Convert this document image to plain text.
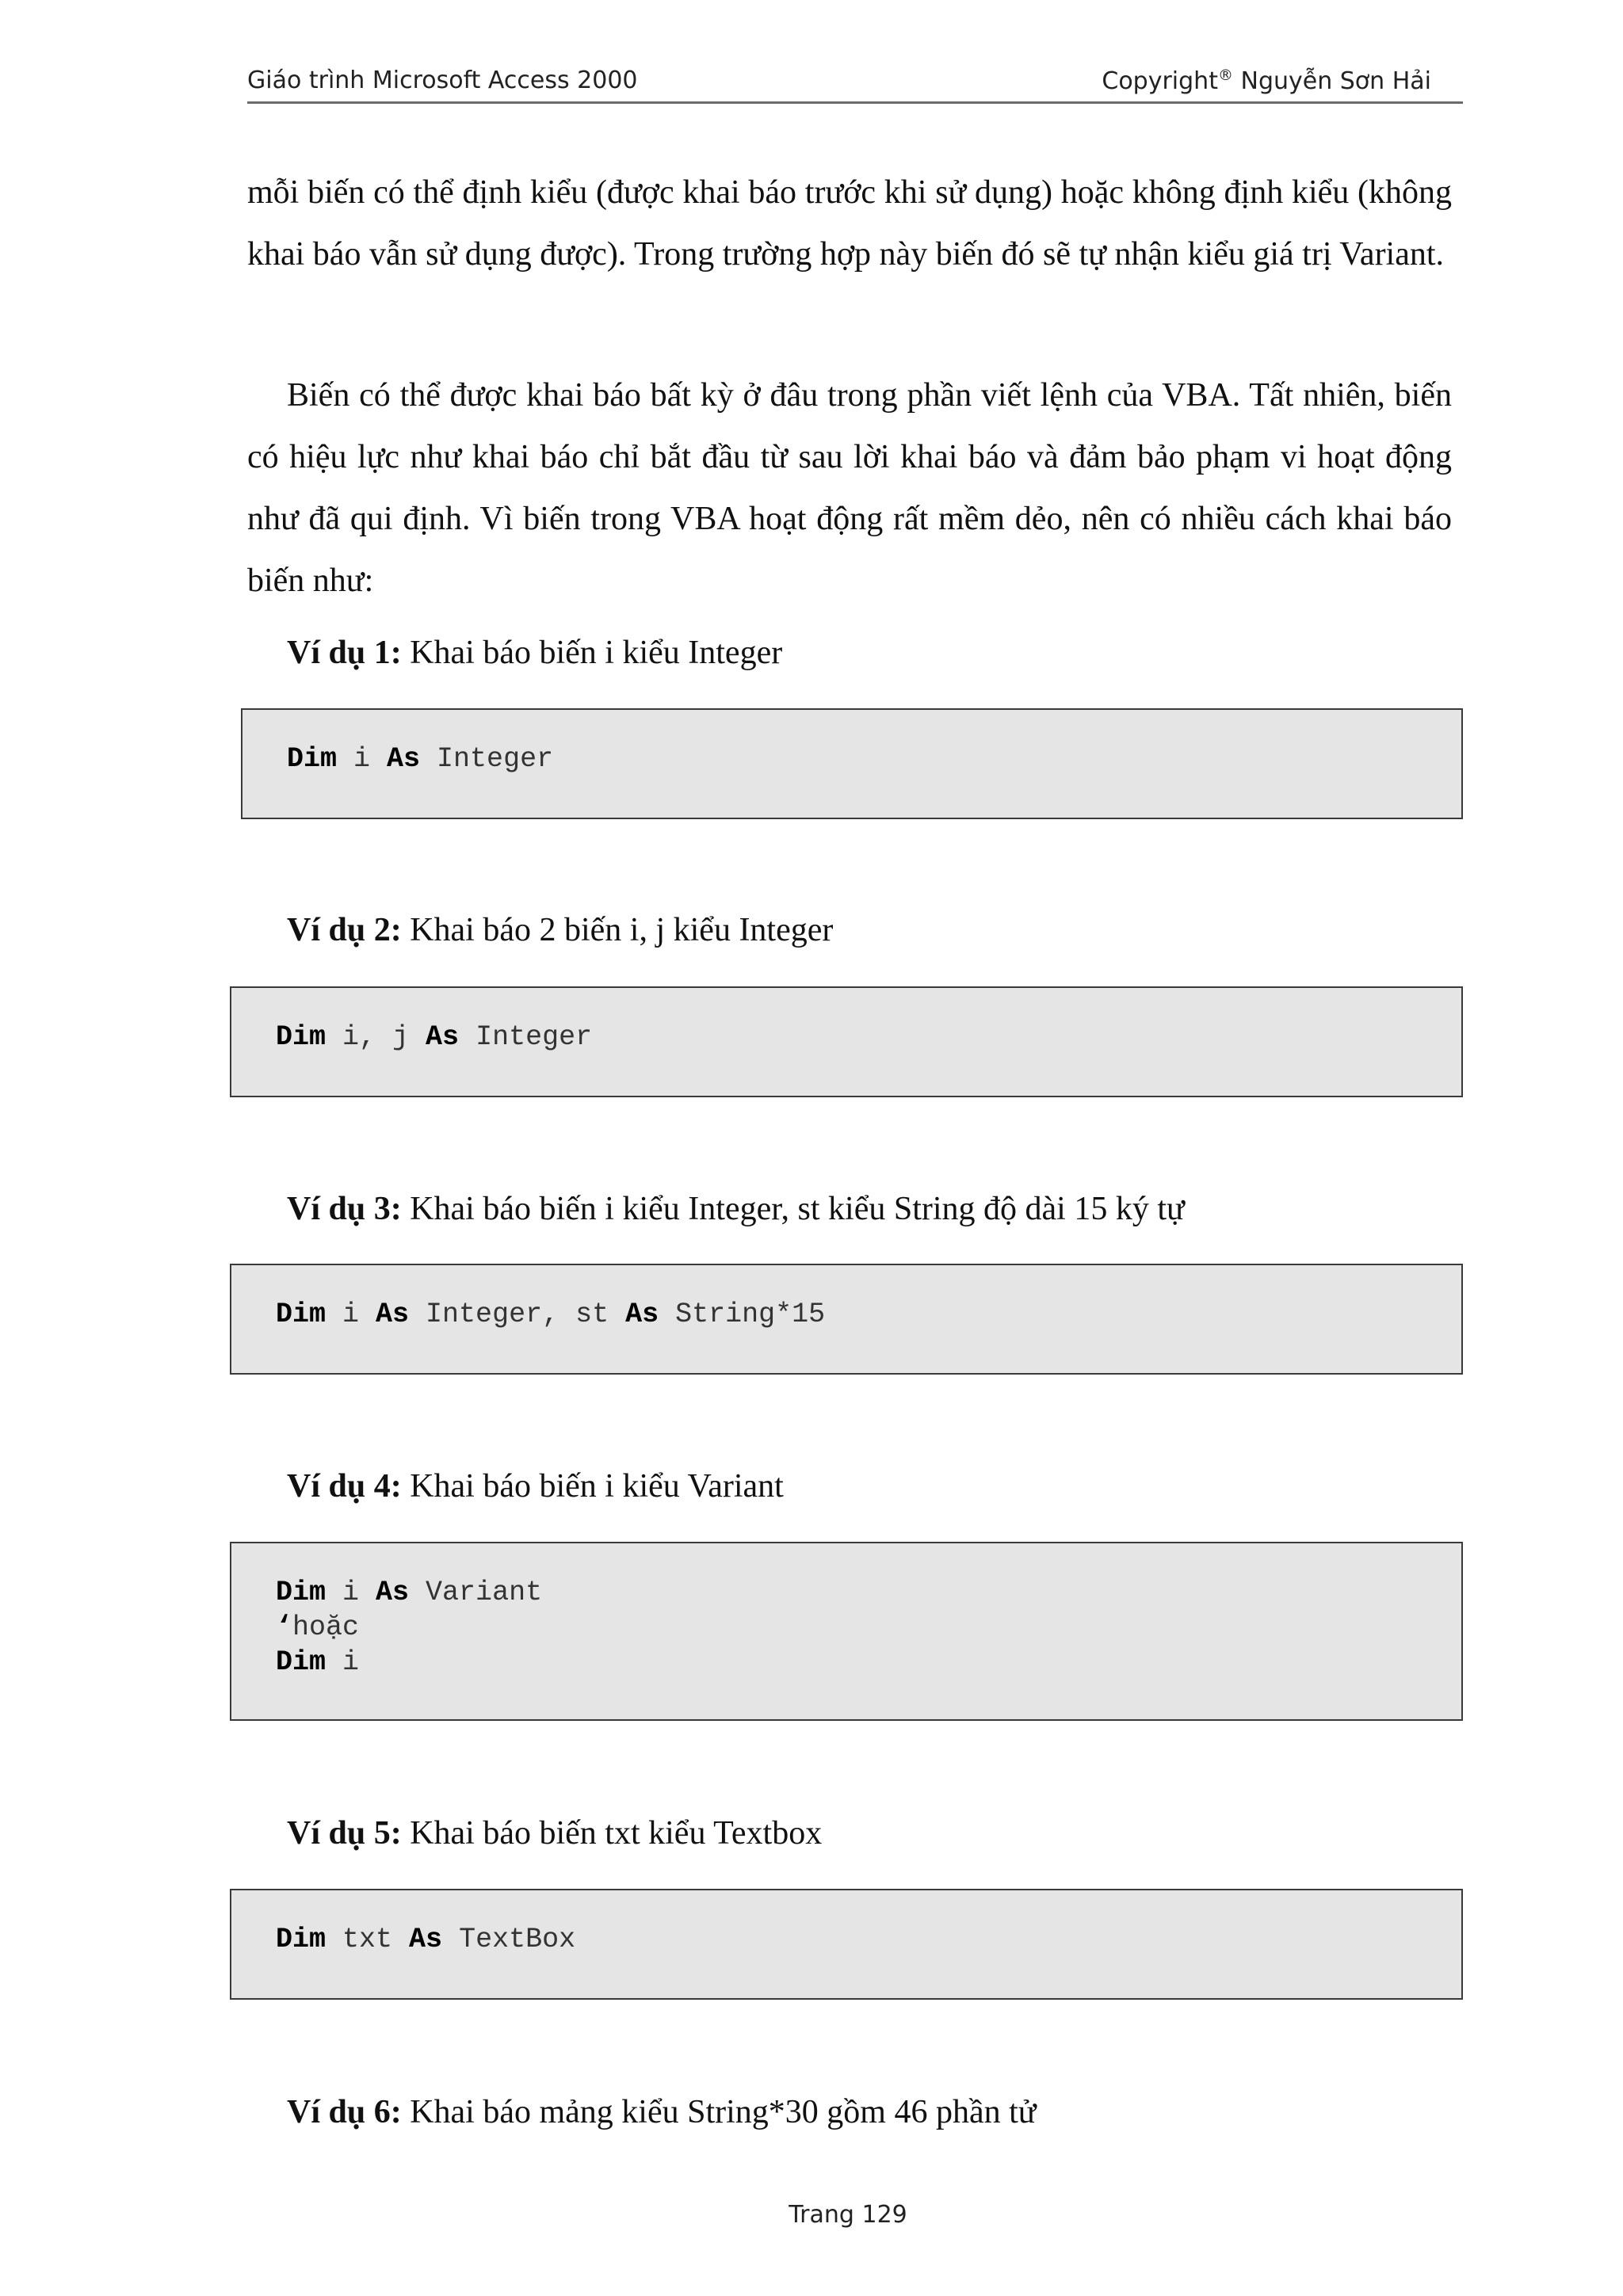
Giáo trình Microsoft Access 2000	Copyright® Nguyễn Sơn Hải

mỗi biến có thể định kiểu (được khai báo trước khi sử dụng) hoặc không định kiểu (không khai báo vẫn sử dụng được). Trong trường hợp này biến đó sẽ tự nhận kiểu giá trị Variant.

Biến có thể được khai báo bất kỳ ở đâu trong phần viết lệnh của VBA. Tất nhiên, biến có hiệu lực như khai báo chỉ bắt đầu từ sau lời khai báo và đảm bảo phạm vi hoạt động như đã qui định. Vì biến trong VBA hoạt động rất mềm dẻo, nên có nhiều cách khai báo biến như:

Ví dụ 1: Khai báo biến i kiểu Integer

Dim i As Integer

Ví dụ 2: Khai báo 2 biến i, j kiểu Integer

Dim i, j As Integer

Ví dụ 3: Khai báo biến i kiểu Integer, st kiểu String độ dài 15 ký tự

Dim i As Integer, st As String*15

Ví dụ 4: Khai báo biến i kiểu Variant

Dim i As Variant
‘hoặc
Dim i

Ví dụ 5: Khai báo biến txt kiểu Textbox

Dim txt As TextBox

Ví dụ 6: Khai báo mảng kiểu String*30 gồm 46 phần tử

Trang 129
